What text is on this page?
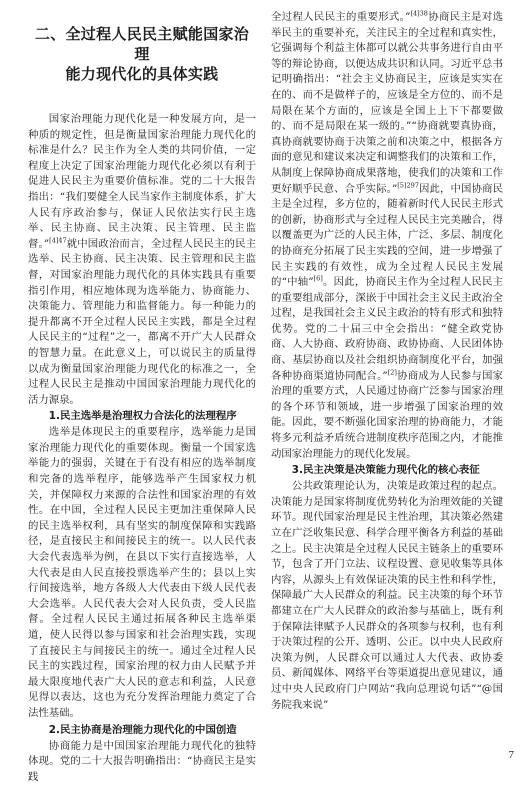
二、全过程人民民主赋能国家治理
能力现代化的具体实践

国家治理能力现代化是一种发展方向，是一种质的规定性，但是衡量国家治理能力现代化的标准是什么？民主作为全人类的共同价值，一定程度上决定了国家治理能力现代化必须以有利于促进人民民主为重要价值标准。党的二十大报告指出：“我们要健全人民当家作主制度体系，扩大人民有序政治参与，保证人民依法实行民主选举、民主协商、民主决策、民主管理、民主监督。”$^{[4]47}$就中国政治而言，全过程人民民主的民主选举、民主协商、民主决策、民主管理和民主监督，对国家治理能力现代化的具体实践具有重要指引作用，相应地体现为选举能力、协商能力、决策能力、管理能力和监督能力。每一种能力的提升都离不开全过程人民民主实践，都是全过程人民民主的“过程”之一，都离不开广大人民群众的智慧力量。在此意义上，可以说民主的质量得以成为衡量国家治理能力现代化的标准之一，全过程人民民主是推动中国国家治理能力现代化的活力源泉。

1.民主选举是治理权力合法化的法理程序

选举是体现民主的重要程序，选举能力是国家治理能力现代化的重要体现。衡量一个国家选举能力的强弱，关键在于有没有相应的选举制度和完备的选举程序，能够选举产生国家权力机关，并保障权力来源的合法性和国家治理的有效性。在中国，全过程人民民主更加注重保障人民的民主选举权利，具有坚实的制度保障和实践路径，是直接民主和间接民主的统一。以人民代表大会代表选举为例，在县以下实行直接选举，人大代表是由人民直接投票选举产生的；县以上实行间接选举，地方各级人大代表由下级人民代表大会选举。人民代表大会对人民负责，受人民监督。全过程人民民主通过拓展各种民主选举渠道，使人民得以参与国家和社会治理实践，实现了直接民主与间接民主的统一。通过全过程人民民主的实践过程，国家治理的权力由人民赋予并最大限度地代表广大人民的意志和利益，人民意见得以表达，这也为充分发挥治理能力奠定了合法性基础。

2.民主协商是治理能力现代化的中国创造

协商能力是中国国家治理能力现代化的独特体现。党的二十大报告明确指出：“协商民主是实践

全过程人民民主的重要形式。”$^{[4]38}$协商民主是对选举民主的重要补充，关注民主的全过程和真实性，它强调每个利益主体都可以就公共事务进行自由平等的辩论协商，以便达成共识和认同。习近平总书记明确指出：“社会主义协商民主，应该是实实在在的、而不是做样子的，应该是全方位的、而不是局限在某个方面的，应该是全国上上下下都要做的、而不是局限在某一级的。”“协商就要真协商，真协商就要协商于决策之前和决策之中，根据各方面的意见和建议来决定和调整我们的决策和工作，从制度上保障协商成果落地，使我们的决策和工作更好顺乎民意、合乎实际。”$^{[5]297}$因此，中国协商民主是全过程，多方位的，随着新时代人民民主形式的创新，协商形式与全过程人民民主完美融合，得以覆盖更为广泛的人民主体，广泛、多层、制度化的协商充分拓展了民主实践的空间，进一步增强了民主实践的有效性，成为全过程人民民主发展的“中轴”[6]。因此，协商民主作为全过程人民民主的重要组成部分，深嵌于中国社会主义民主政治全过程，是我国社会主义民主政治的特有形式和独特优势。党的二十届三中全会指出：“健全政党协商、人大协商、政府协商、政协协商、人民团体协商、基层协商以及社会组织协商制度化平台，加强各种协商渠道协同配合。”[2]协商成为人民参与国家治理的重要方式，人民通过协商广泛参与国家治理的各个环节和领域，进一步增强了国家治理的效能。因此，要不断强化国家治理的协商能力，才能将多元利益矛盾统合进制度秩序范围之内，才能推动国家治理能力的现代化发展。

3.民主决策是决策能力现代化的核心表征

公共政策理论认为，决策是政策过程的起点。决策能力是国家将制度优势转化为治理效能的关键环节。现代国家治理是民主性治理，其决策必然建立在广泛收集民意、科学合理平衡各方利益的基础之上。民主决策是全过程人民民主链条上的重要环节，包含了开门立法、议程设置、意见收集等具体内容，从源头上有效保证决策的民主性和科学性，保障最广大人民群众的利益。民主决策的每个环节都建立在广大人民群众的政治参与基础上，既有利于保障法律赋予人民群众的各项参与权利，也有利于决策过程的公开、透明、公正。以中央人民政府决策为例，人民群众可以通过人大代表、政协委员、新闻媒体、网络平台等渠道提出意见建议，通过中央人民政府门户网站“我向总理说句话”“@国务院我来说”

7
